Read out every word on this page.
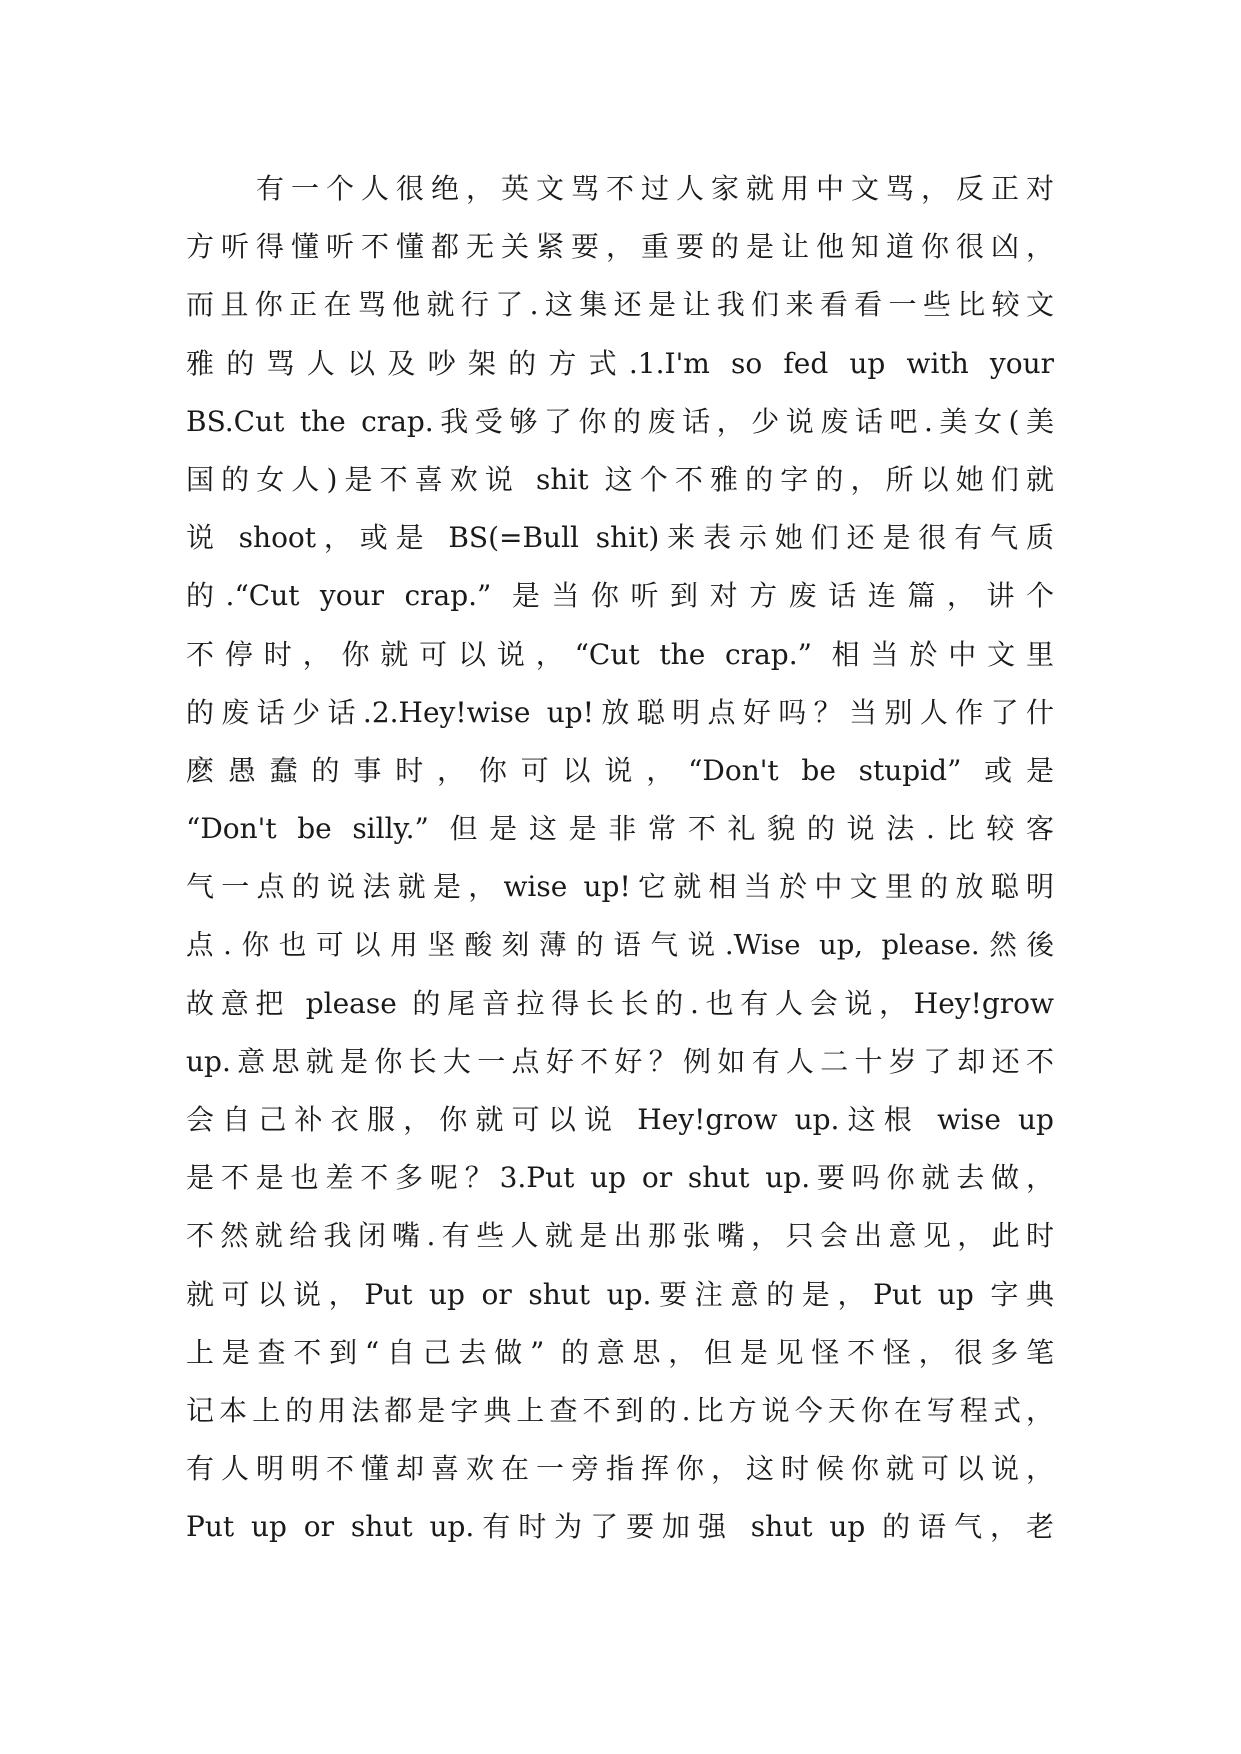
有一个人很绝，英文骂不过人家就用中文骂，反正对
方听得懂听不懂都无关紧要，重要的是让他知道你很凶，
而且你正在骂他就行了.这集还是让我们来看看一些比较文
雅的骂人以及吵架的方式.1.I'm so fed up with your
BS.Cut the crap.我受够了你的废话，少说废话吧.美女(美
国的女人)是不喜欢说 shit 这个不雅的字的，所以她们就
说 shoot，或是 BS(=Bull shit)来表示她们还是很有气质
的.“Cut your crap.” 是当你听到对方废话连篇，讲个
不停时，你就可以说，“Cut the crap.” 相当於中文里
的废话少话.2.Hey!wise up!放聪明点好吗？当别人作了什
麽愚蠢的事时，你可以说，“Don't be stupid” 或是
“Don't be silly.” 但是这是非常不礼貌的说法.比较客
气一点的说法就是，wise up!它就相当於中文里的放聪明
点.你也可以用坚酸刻薄的语气说.Wise up, please.然後
故意把 please 的尾音拉得长长的.也有人会说，Hey!grow
up.意思就是你长大一点好不好？例如有人二十岁了却还不
会自己补衣服，你就可以说 Hey!grow up.这根 wise up
是不是也差不多呢？3.Put up or shut up.要吗你就去做，
不然就给我闭嘴.有些人就是出那张嘴，只会出意见，此时
就可以说，Put up or shut up.要注意的是，Put up 字典
上是查不到“自己去做” 的意思，但是见怪不怪，很多笔
记本上的用法都是字典上查不到的.比方说今天你在写程式，
有人明明不懂却喜欢在一旁指挥你，这时候你就可以说，
Put up or shut up.有时为了要加强 shut up 的语气，老
